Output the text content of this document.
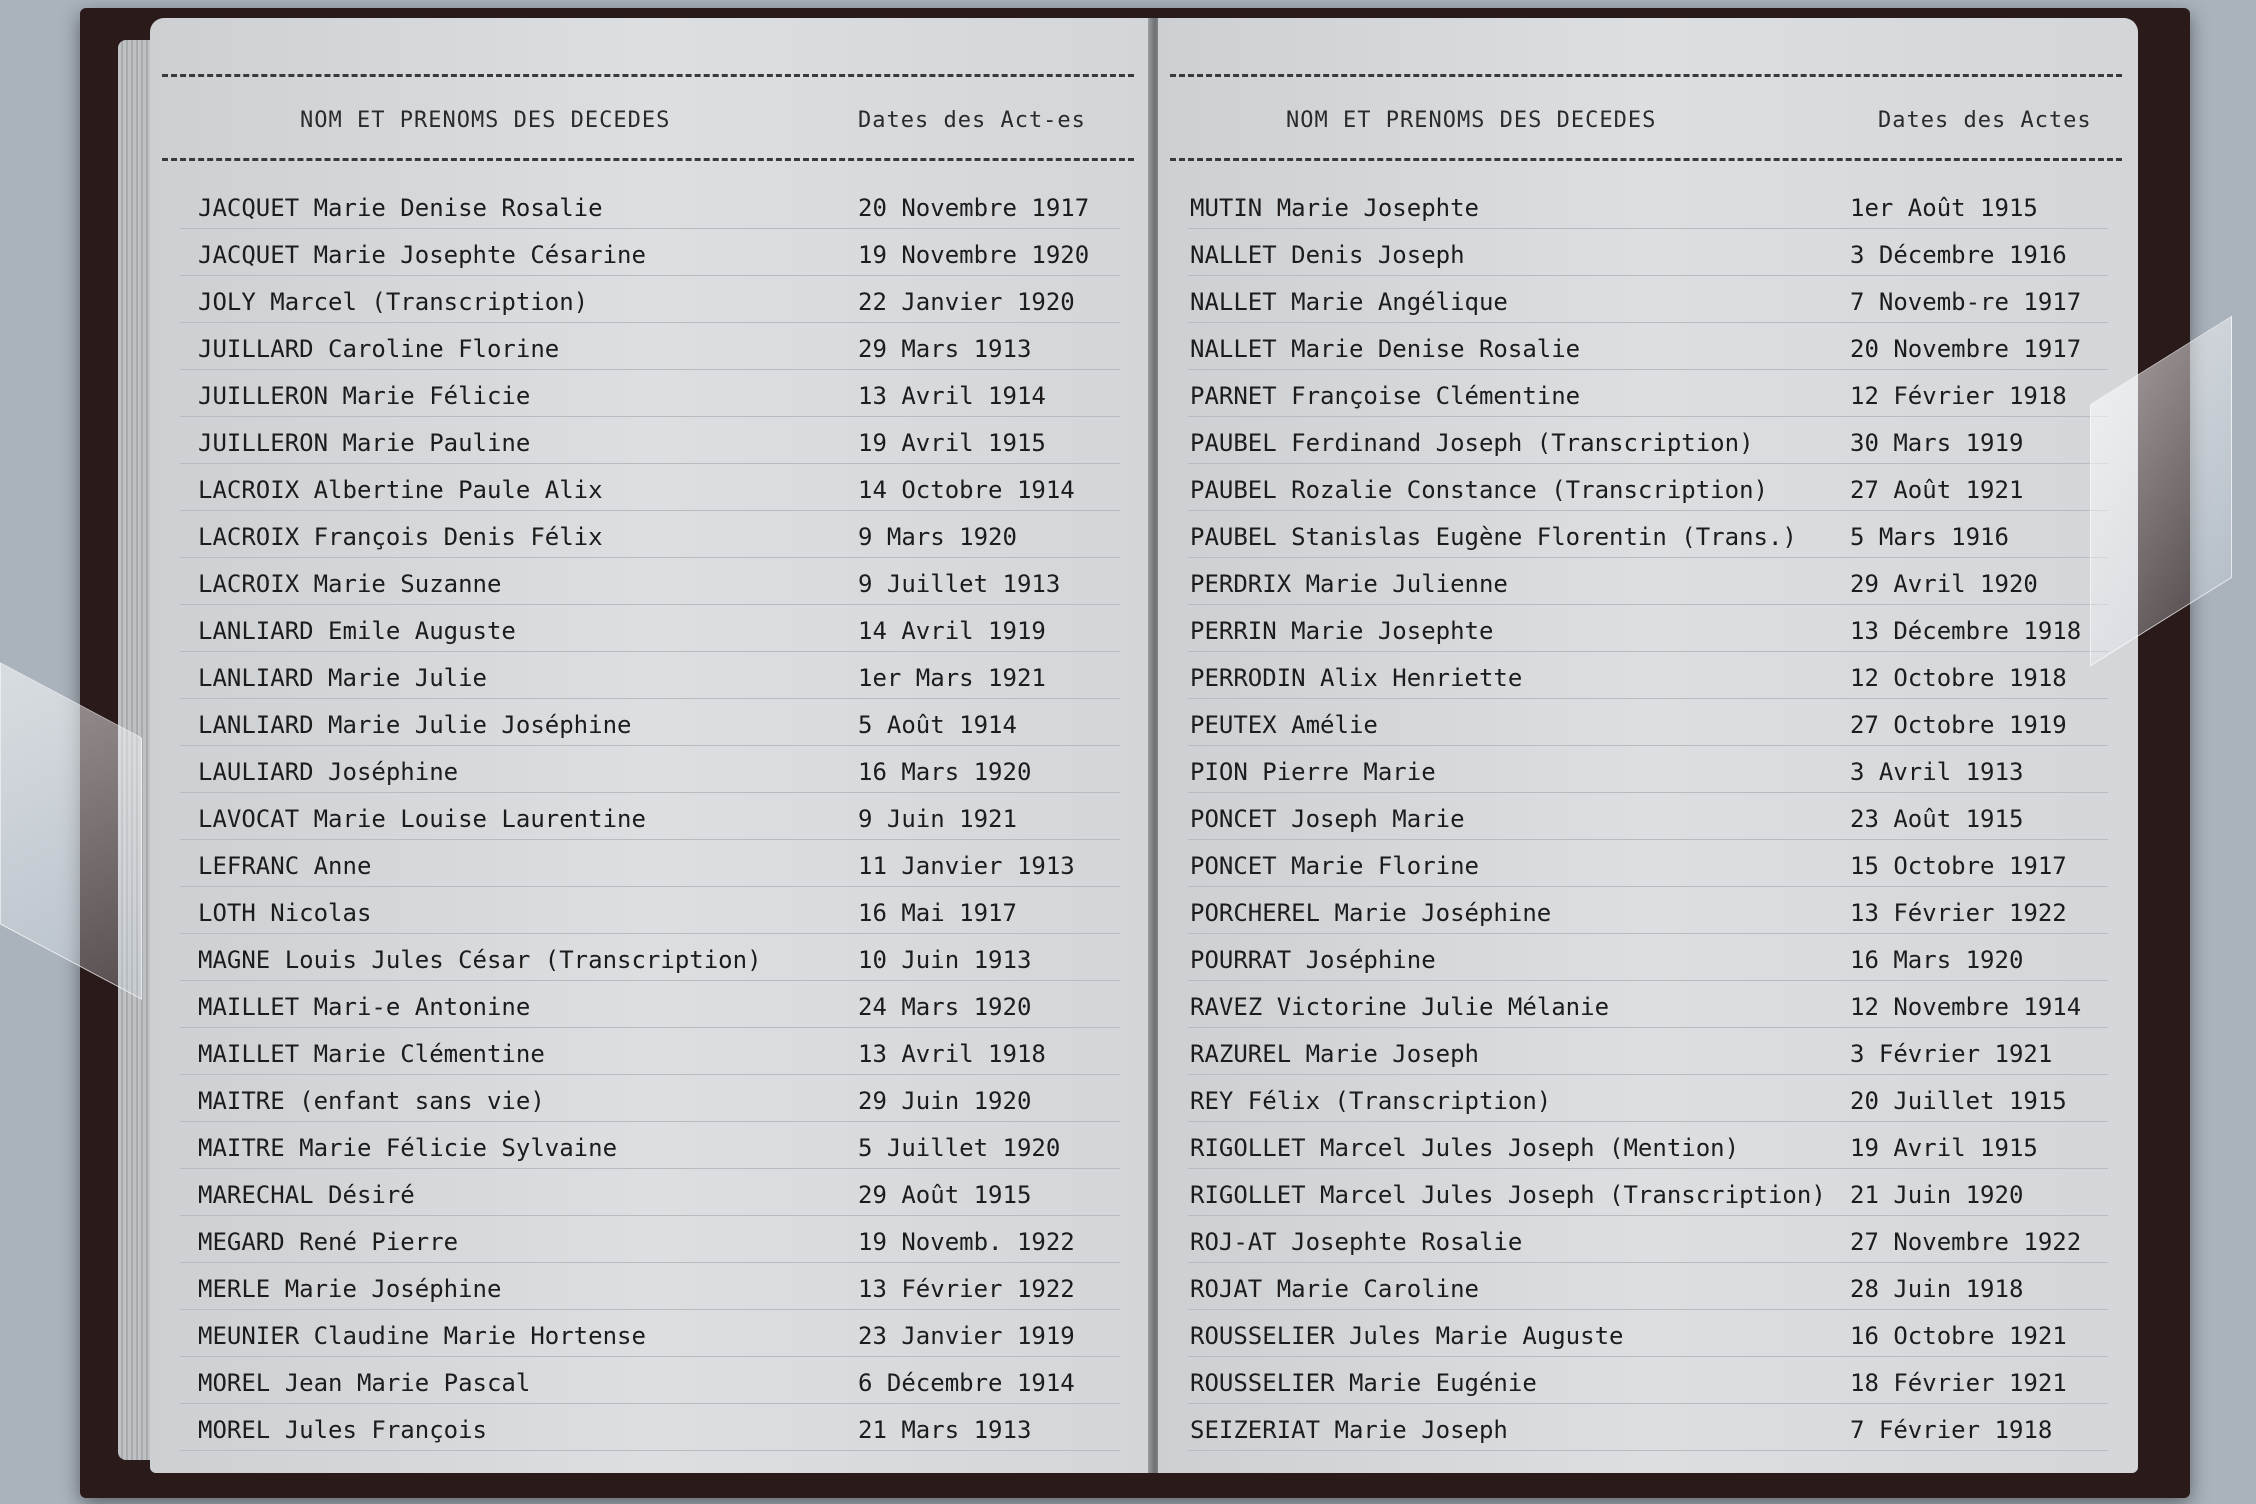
NOM ET PRENOMS DES DECEDES	Dates des Act-es
JACQUET Marie Denise Rosalie	20 Novembre 1917
JACQUET Marie Josephte Césarine	19 Novembre 1920
JOLY Marcel (Transcription)	22 Janvier 1920
JUILLARD Caroline Florine	29 Mars 1913
JUILLERON Marie Félicie	13 Avril 1914
JUILLERON Marie Pauline	19 Avril 1915
LACROIX Albertine Paule Alix	14 Octobre 1914
LACROIX François Denis Félix	9 Mars 1920
LACROIX Marie Suzanne	9 Juillet 1913
LANLIARD Emile Auguste	14 Avril 1919
LANLIARD Marie Julie	1er Mars 1921
LANLIARD Marie Julie Joséphine	5 Août 1914
LAULIARD Joséphine	16 Mars 1920
LAVOCAT Marie Louise Laurentine	9 Juin 1921
LEFRANC Anne	11 Janvier 1913
LOTH Nicolas	16 Mai 1917
MAGNE Louis Jules César (Transcription)	10 Juin 1913
MAILLET Mari-e Antonine	24 Mars 1920
MAILLET Marie Clémentine	13 Avril 1918
MAITRE (enfant sans vie)	29 Juin 1920
MAITRE Marie Félicie Sylvaine	5 Juillet 1920
MARECHAL Désiré	29 Août 1915
MEGARD René Pierre	19 Novemb. 1922
MERLE Marie Joséphine	13 Février 1922
MEUNIER Claudine Marie Hortense	23 Janvier 1919
MOREL Jean Marie Pascal	6 Décembre 1914
MOREL Jules François	21 Mars 1913
NOM ET PRENOMS DES DECEDES	Dates des Actes
MUTIN Marie Josephte	1er Août 1915
NALLET Denis Joseph	3 Décembre 1916
NALLET Marie Angélique	7 Novemb-re 1917
NALLET Marie Denise Rosalie	20 Novembre 1917
PARNET Françoise Clémentine	12 Février 1918
PAUBEL Ferdinand Joseph (Transcription)	30 Mars 1919
PAUBEL Rozalie Constance (Transcription)	27 Août 1921
PAUBEL Stanislas Eugène Florentin (Trans.) 5 Mars 1916
PERDRIX Marie Julienne	29 Avril 1920
PERRIN Marie Josephte	13 Décembre 1918
PERRODIN Alix Henriette	12 Octobre 1918
PEUTEX Amélie	27 Octobre 1919
PION Pierre Marie	3 Avril 1913
PONCET Joseph Marie	23 Août 1915
PONCET Marie Florine	15 Octobre 1917
PORCHEREL Marie Joséphine	13 Février 1922
POURRAT Joséphine	16 Mars 1920
RAVEZ Victorine Julie Mélanie	12 Novembre 1914
RAZUREL Marie Joseph	3 Février 1921
REY Félix (Transcription)	20 Juillet 1915
RIGOLLET Marcel Jules Joseph (Mention)	19 Avril 1915
RIGOLLET Marcel Jules Joseph (Transcription) 21 Juin 1920
ROJ-AT Josephte Rosalie	27 Novembre 1922
ROJAT Marie Caroline	28 Juin 1918
ROUSSELIER Jules Marie Auguste	16 Octobre 1921
ROUSSELIER Marie Eugénie	18 Février 1921
SEIZERIAT Marie Joseph	7 Février 1918
